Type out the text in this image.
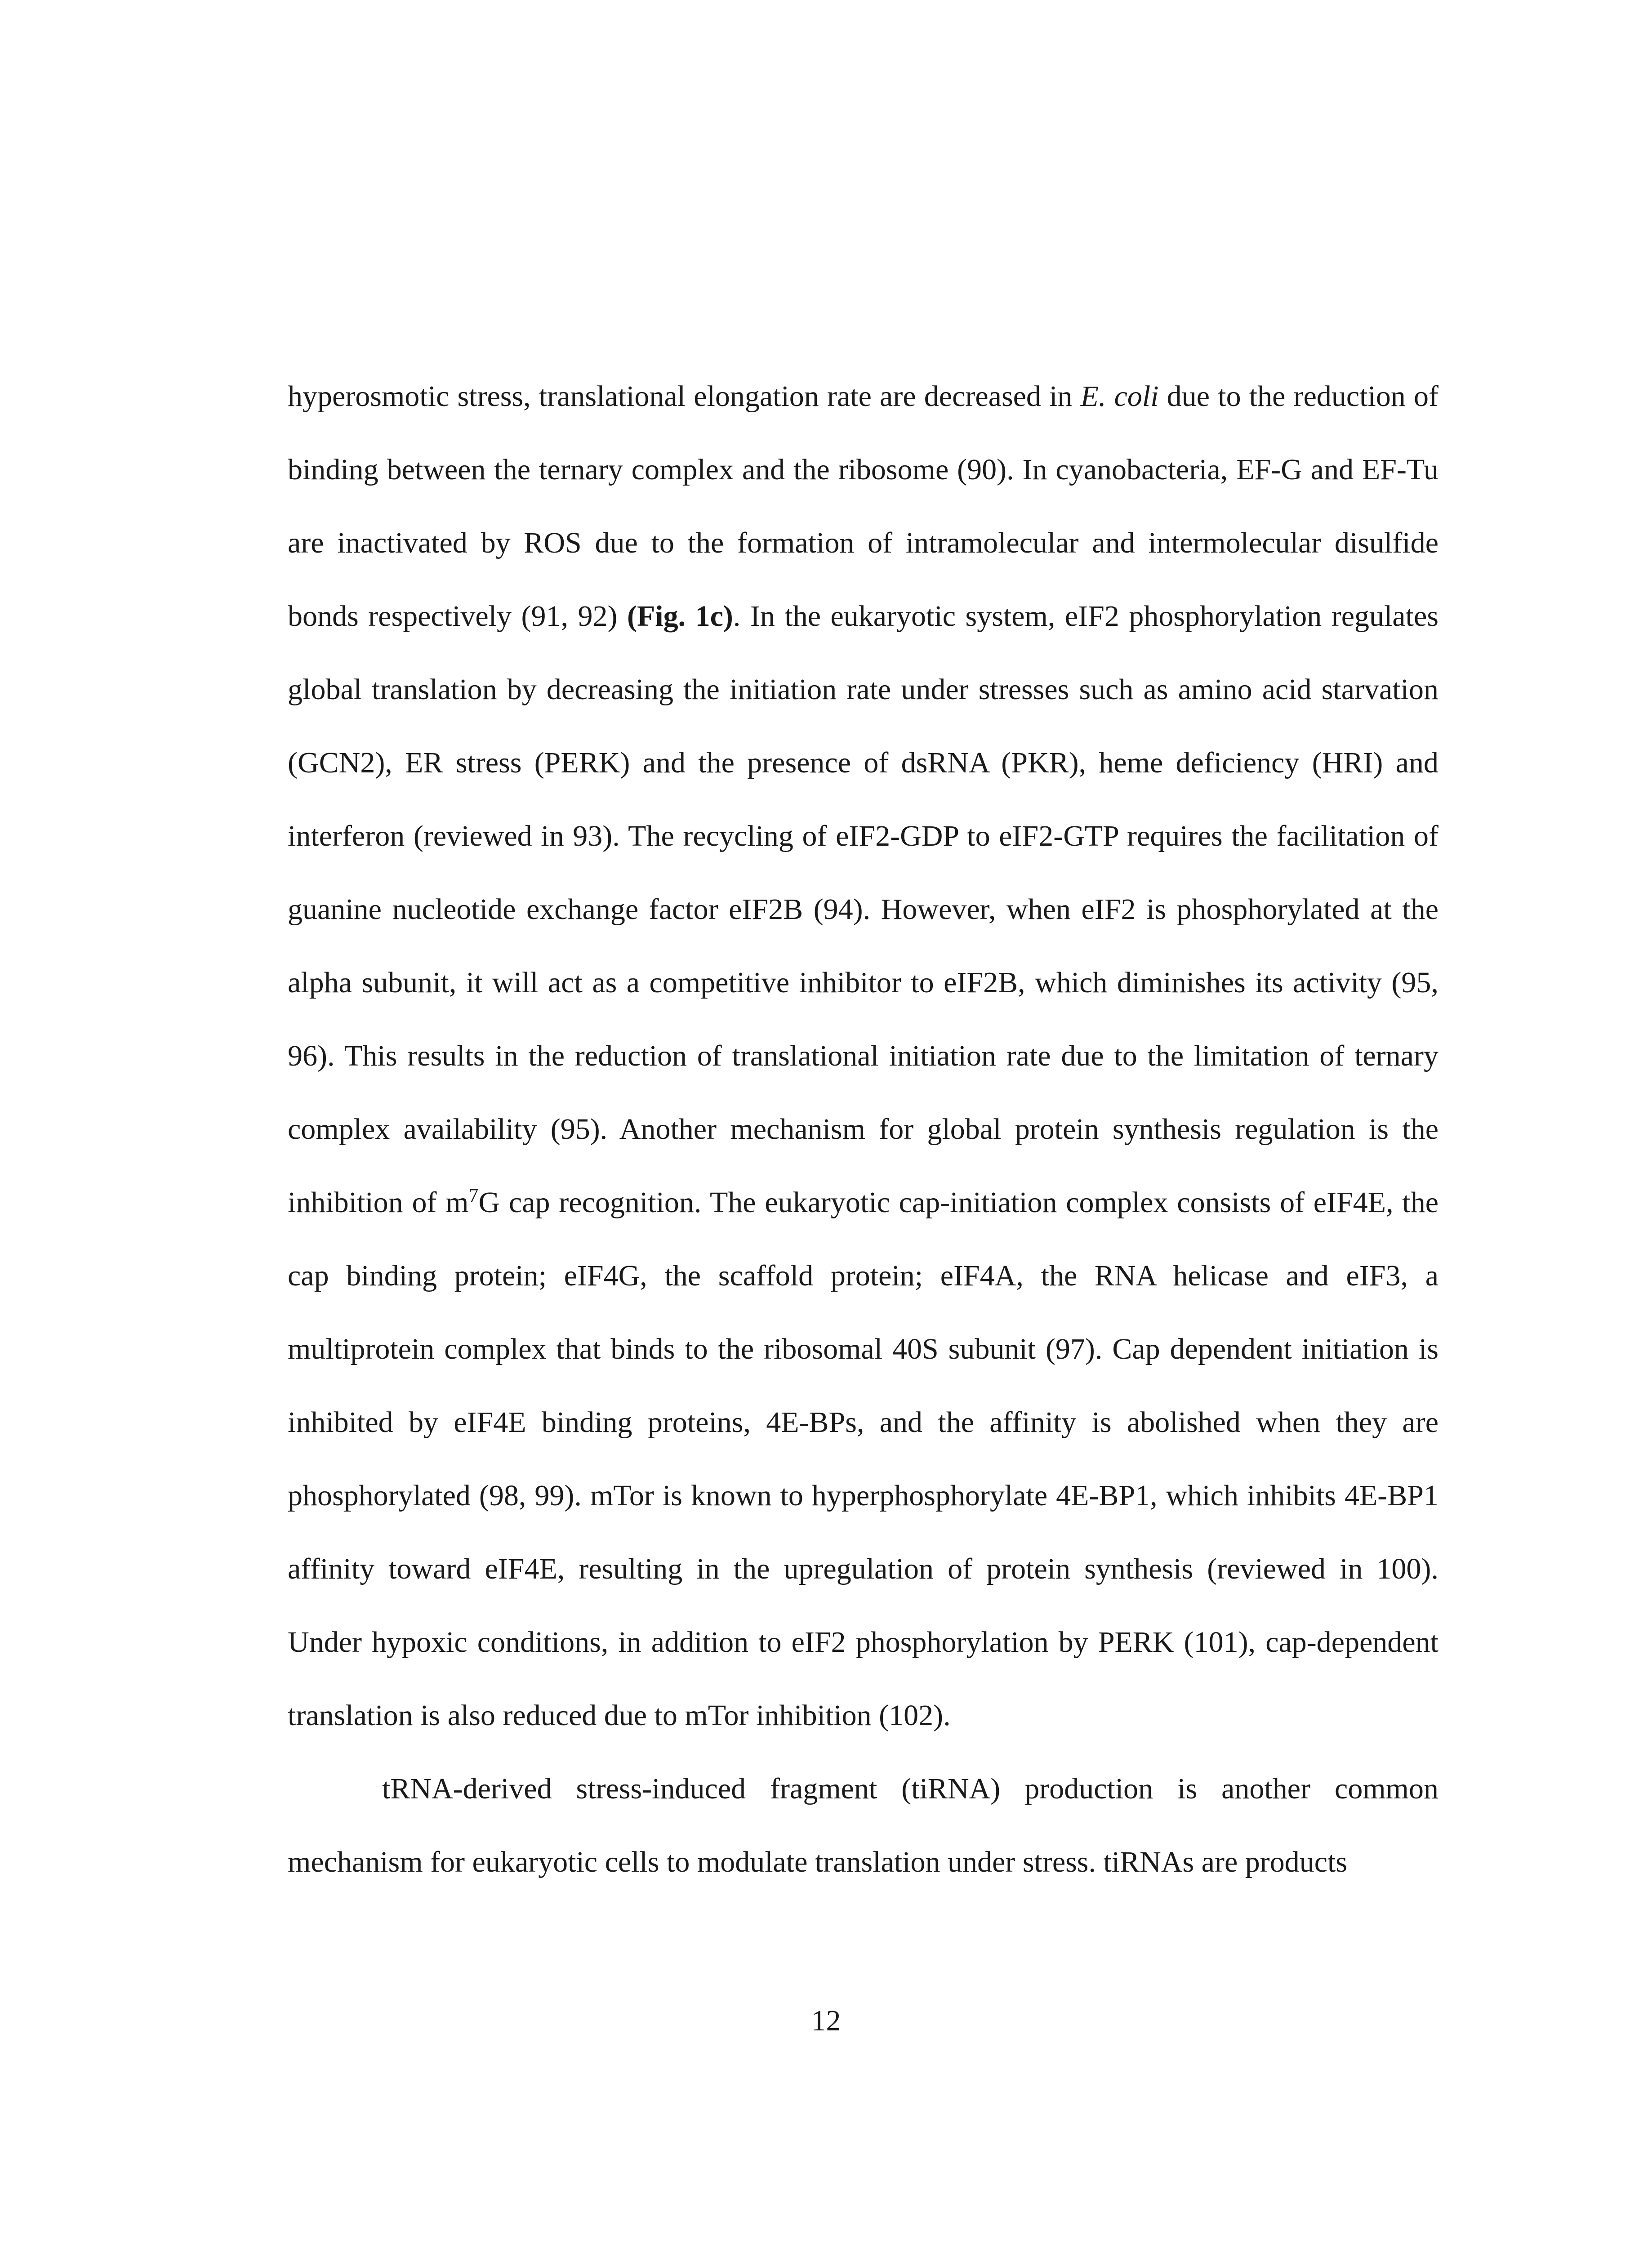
hyperosmotic stress, translational elongation rate are decreased in E. coli due to the reduction of binding between the ternary complex and the ribosome (90). In cyanobacteria, EF-G and EF-Tu are inactivated by ROS due to the formation of intramolecular and intermolecular disulfide bonds respectively (91, 92) (Fig. 1c). In the eukaryotic system, eIF2 phosphorylation regulates global translation by decreasing the initiation rate under stresses such as amino acid starvation (GCN2), ER stress (PERK) and the presence of dsRNA (PKR), heme deficiency (HRI) and interferon (reviewed in 93). The recycling of eIF2-GDP to eIF2-GTP requires the facilitation of guanine nucleotide exchange factor eIF2B (94). However, when eIF2 is phosphorylated at the alpha subunit, it will act as a competitive inhibitor to eIF2B, which diminishes its activity (95, 96). This results in the reduction of translational initiation rate due to the limitation of ternary complex availability (95). Another mechanism for global protein synthesis regulation is the inhibition of $m^7G$ cap recognition. The eukaryotic cap-initiation complex consists of eIF4E, the cap binding protein; eIF4G, the scaffold protein; eIF4A, the RNA helicase and eIF3, a multiprotein complex that binds to the ribosomal 40S subunit (97). Cap dependent initiation is inhibited by eIF4E binding proteins, 4E-BPs, and the affinity is abolished when they are phosphorylated (98, 99). mTor is known to hyperphosphorylate 4E-BP1, which inhibits 4E-BP1 affinity toward eIF4E, resulting in the upregulation of protein synthesis (reviewed in 100). Under hypoxic conditions, in addition to eIF2 phosphorylation by PERK (101), cap-dependent translation is also reduced due to mTor inhibition (102).

tRNA-derived stress-induced fragment (tiRNA) production is another common mechanism for eukaryotic cells to modulate translation under stress. tiRNAs are products

12
